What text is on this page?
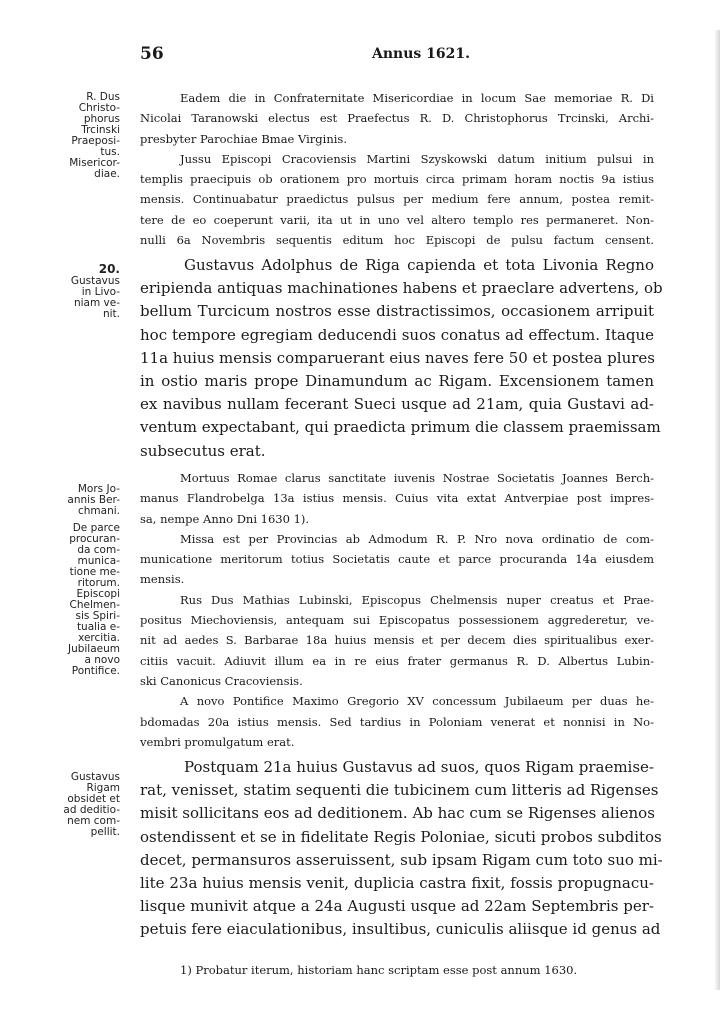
56	Annus 1621.
R. Dus
Christo-
phorus
Trcinski
Praeposi-
tus.
Misericor-
diae.
20.
Gustavus
in Livo-
niam ve-
nit.
Mors Jo-
annis Ber-
chmani.
De parce
procuran-
da com-
munica-
tione me-
ritorum.
Episcopi
Chelmen-
sis Spiri-
tualia e-
xercitia.
Jubilaeum
a novo
Pontifice.
Gustavus
Rigam
obsidet et
ad deditio-
nem com-
pellit.
Eadem die in Confraternitate Misericordiae in locum Sae memoriae R. Di
Nicolai Taranowski electus est Praefectus R. D. Christophorus Trcinski, Archi-
presbyter Parochiae Bmae Virginis.
Jussu Episcopi Cracoviensis Martini Szyskowski datum initium pulsui in
templis praecipuis ob orationem pro mortuis circa primam horam noctis 9a istius
mensis. Continuabatur praedictus pulsus per medium fere annum, postea remit-
tere de eo coeperunt varii, ita ut in uno vel altero templo res permaneret. Non-
nulli 6a Novembris sequentis editum hoc Episcopi de pulsu factum censent.
Gustavus Adolphus de Riga capienda et tota Livonia Regno
eripienda antiquas machinationes habens et praeclare advertens, ob
bellum Turcicum nostros esse distractissimos, occasionem arripuit
hoc tempore egregiam deducendi suos conatus ad effectum. Itaque
11a huius mensis comparuerant eius naves fere 50 et postea plures
in ostio maris prope Dinamundum ac Rigam. Excensionem tamen
ex navibus nullam fecerant Sueci usque ad 21am, quia Gustavi ad-
ventum expectabant, qui praedicta primum die classem praemissam
subsecutus erat.
Mortuus Romae clarus sanctitate iuvenis Nostrae Societatis Joannes Berch-
manus Flandrobelga 13a istius mensis. Cuius vita extat Antverpiae post impres-
sa, nempe Anno Dni 1630 1).
Missa est per Provincias ab Admodum R. P. Nro nova ordinatio de com-
municatione meritorum totius Societatis caute et parce procuranda 14a eiusdem
mensis.
Rus Dus Mathias Lubinski, Episcopus Chelmensis nuper creatus et Prae-
positus Miechoviensis, antequam sui Episcopatus possessionem aggrederetur, ve-
nit ad aedes S. Barbarae 18a huius mensis et per decem dies spiritualibus exer-
citiis vacuit. Adiuvit illum ea in re eius frater germanus R. D. Albertus Lubin-
ski Canonicus Cracoviensis.
A novo Pontifice Maximo Gregorio XV concessum Jubilaeum per duas he-
bdomadas 20a istius mensis. Sed tardius in Poloniam venerat et nonnisi in No-
vembri promulgatum erat.
Postquam 21a huius Gustavus ad suos, quos Rigam praemise-
rat, venisset, statim sequenti die tubicinem cum litteris ad Rigenses
misit sollicitans eos ad deditionem. Ab hac cum se Rigenses alienos
ostendissent et se in fidelitate Regis Poloniae, sicuti probos subditos
decet, permansuros asseruissent, sub ipsam Rigam cum toto suo mi-
lite 23a huius mensis venit, duplicia castra fixit, fossis propugnacu-
lisque munivit atque a 24a Augusti usque ad 22am Septembris per-
petuis fere eiaculationibus, insultibus, cuniculis aliisque id genus ad
1) Probatur iterum, historiam hanc scriptam esse post annum 1630.
